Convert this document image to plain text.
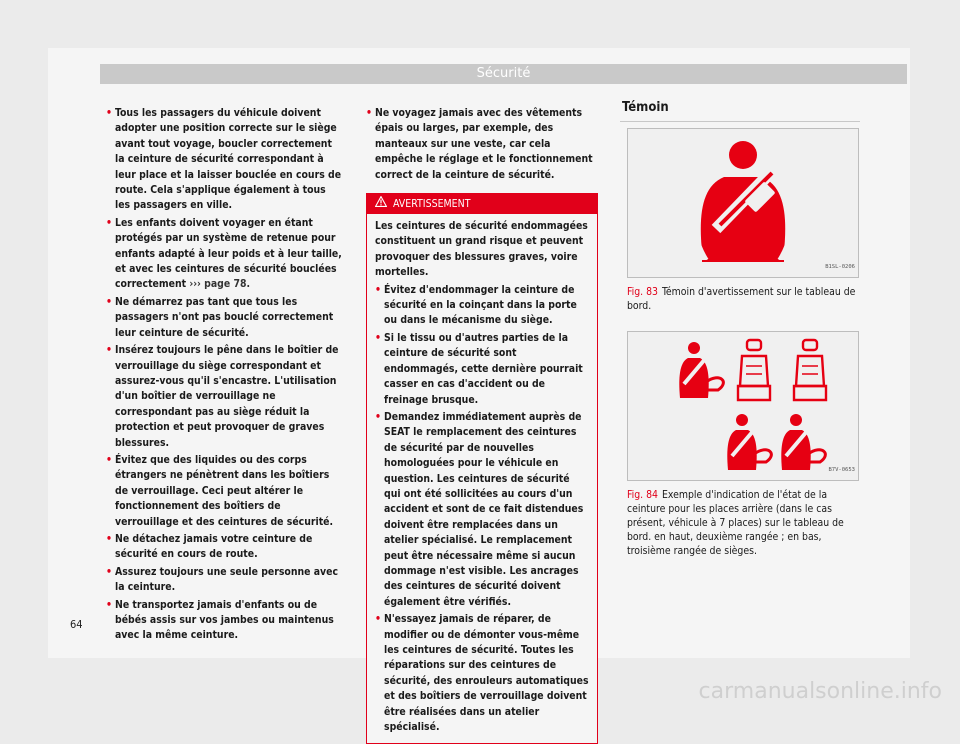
Sécurité
• Tous les passagers du véhicule doivent adopter une position correcte sur le siège avant tout voyage, boucler correctement la ceinture de sécurité correspondant à leur place et la laisser bouclée en cours de route. Cela s'applique également à tous les passagers en ville.
• Les enfants doivent voyager en étant protégés par un système de retenue pour enfants adapté à leur poids et à leur taille, et avec les ceintures de sécurité bouclées correctement ››› page 78.
• Ne démarrez pas tant que tous les passagers n'ont pas bouclé correctement leur ceinture de sécurité.
• Insérez toujours le pêne dans le boîtier de verrouillage du siège correspondant et assurez-vous qu'il s'encastre. L'utilisation d'un boîtier de verrouillage ne correspondant pas au siège réduit la protection et peut provoquer de graves blessures.
• Évitez que des liquides ou des corps étrangers ne pénètrent dans les boîtiers de verrouillage. Ceci peut altérer le fonctionnement des boîtiers de verrouillage et des ceintures de sécurité.
• Ne détachez jamais votre ceinture de sécurité en cours de route.
• Assurez toujours une seule personne avec la ceinture.
• Ne transportez jamais d'enfants ou de bébés assis sur vos jambes ou maintenus avec la même ceinture.
• Ne voyagez jamais avec des vêtements épais ou larges, par exemple, des manteaux sur une veste, car cela empêche le réglage et le fonctionnement correct de la ceinture de sécurité.
AVERTISSEMENT

Les ceintures de sécurité endommagées constituent un grand risque et peuvent provoquer des blessures graves, voire mortelles.

• Évitez d'endommager la ceinture de sécurité en la coinçant dans la porte ou dans le mécanisme du siège.
• Si le tissu ou d'autres parties de la ceinture de sécurité sont endommagés, cette dernière pourrait casser en cas d'accident ou de freinage brusque.
• Demandez immédiatement auprès de SEAT le remplacement des ceintures de sécurité par de nouvelles homologuées pour le véhicule en question. Les ceintures de sécurité qui ont été sollicitées au cours d'un accident et sont de ce fait distendues doivent être remplacées dans un atelier spécialisé. Le remplacement peut être nécessaire même si aucun dommage n'est visible. Les ancrages des ceintures de sécurité doivent également être vérifiés.
• N'essayez jamais de réparer, de modifier ou de démonter vous-même les ceintures de sécurité. Toutes les réparations sur des ceintures de sécurité, des enrouleurs automatiques et des boîtiers de verrouillage doivent être réalisées dans un atelier spécialisé.
Témoin
B1SL-0206
Fig. 83 Témoin d'avertissement sur le tableau de bord.
B7V-0653
Fig. 84 Exemple d'indication de l'état de la ceinture pour les places arrière (dans le cas présent, véhicule à 7 places) sur le tableau de bord. en haut, deuxième rangée ; en bas, troisième rangée de sièges.
64
carmanualsonline.info
